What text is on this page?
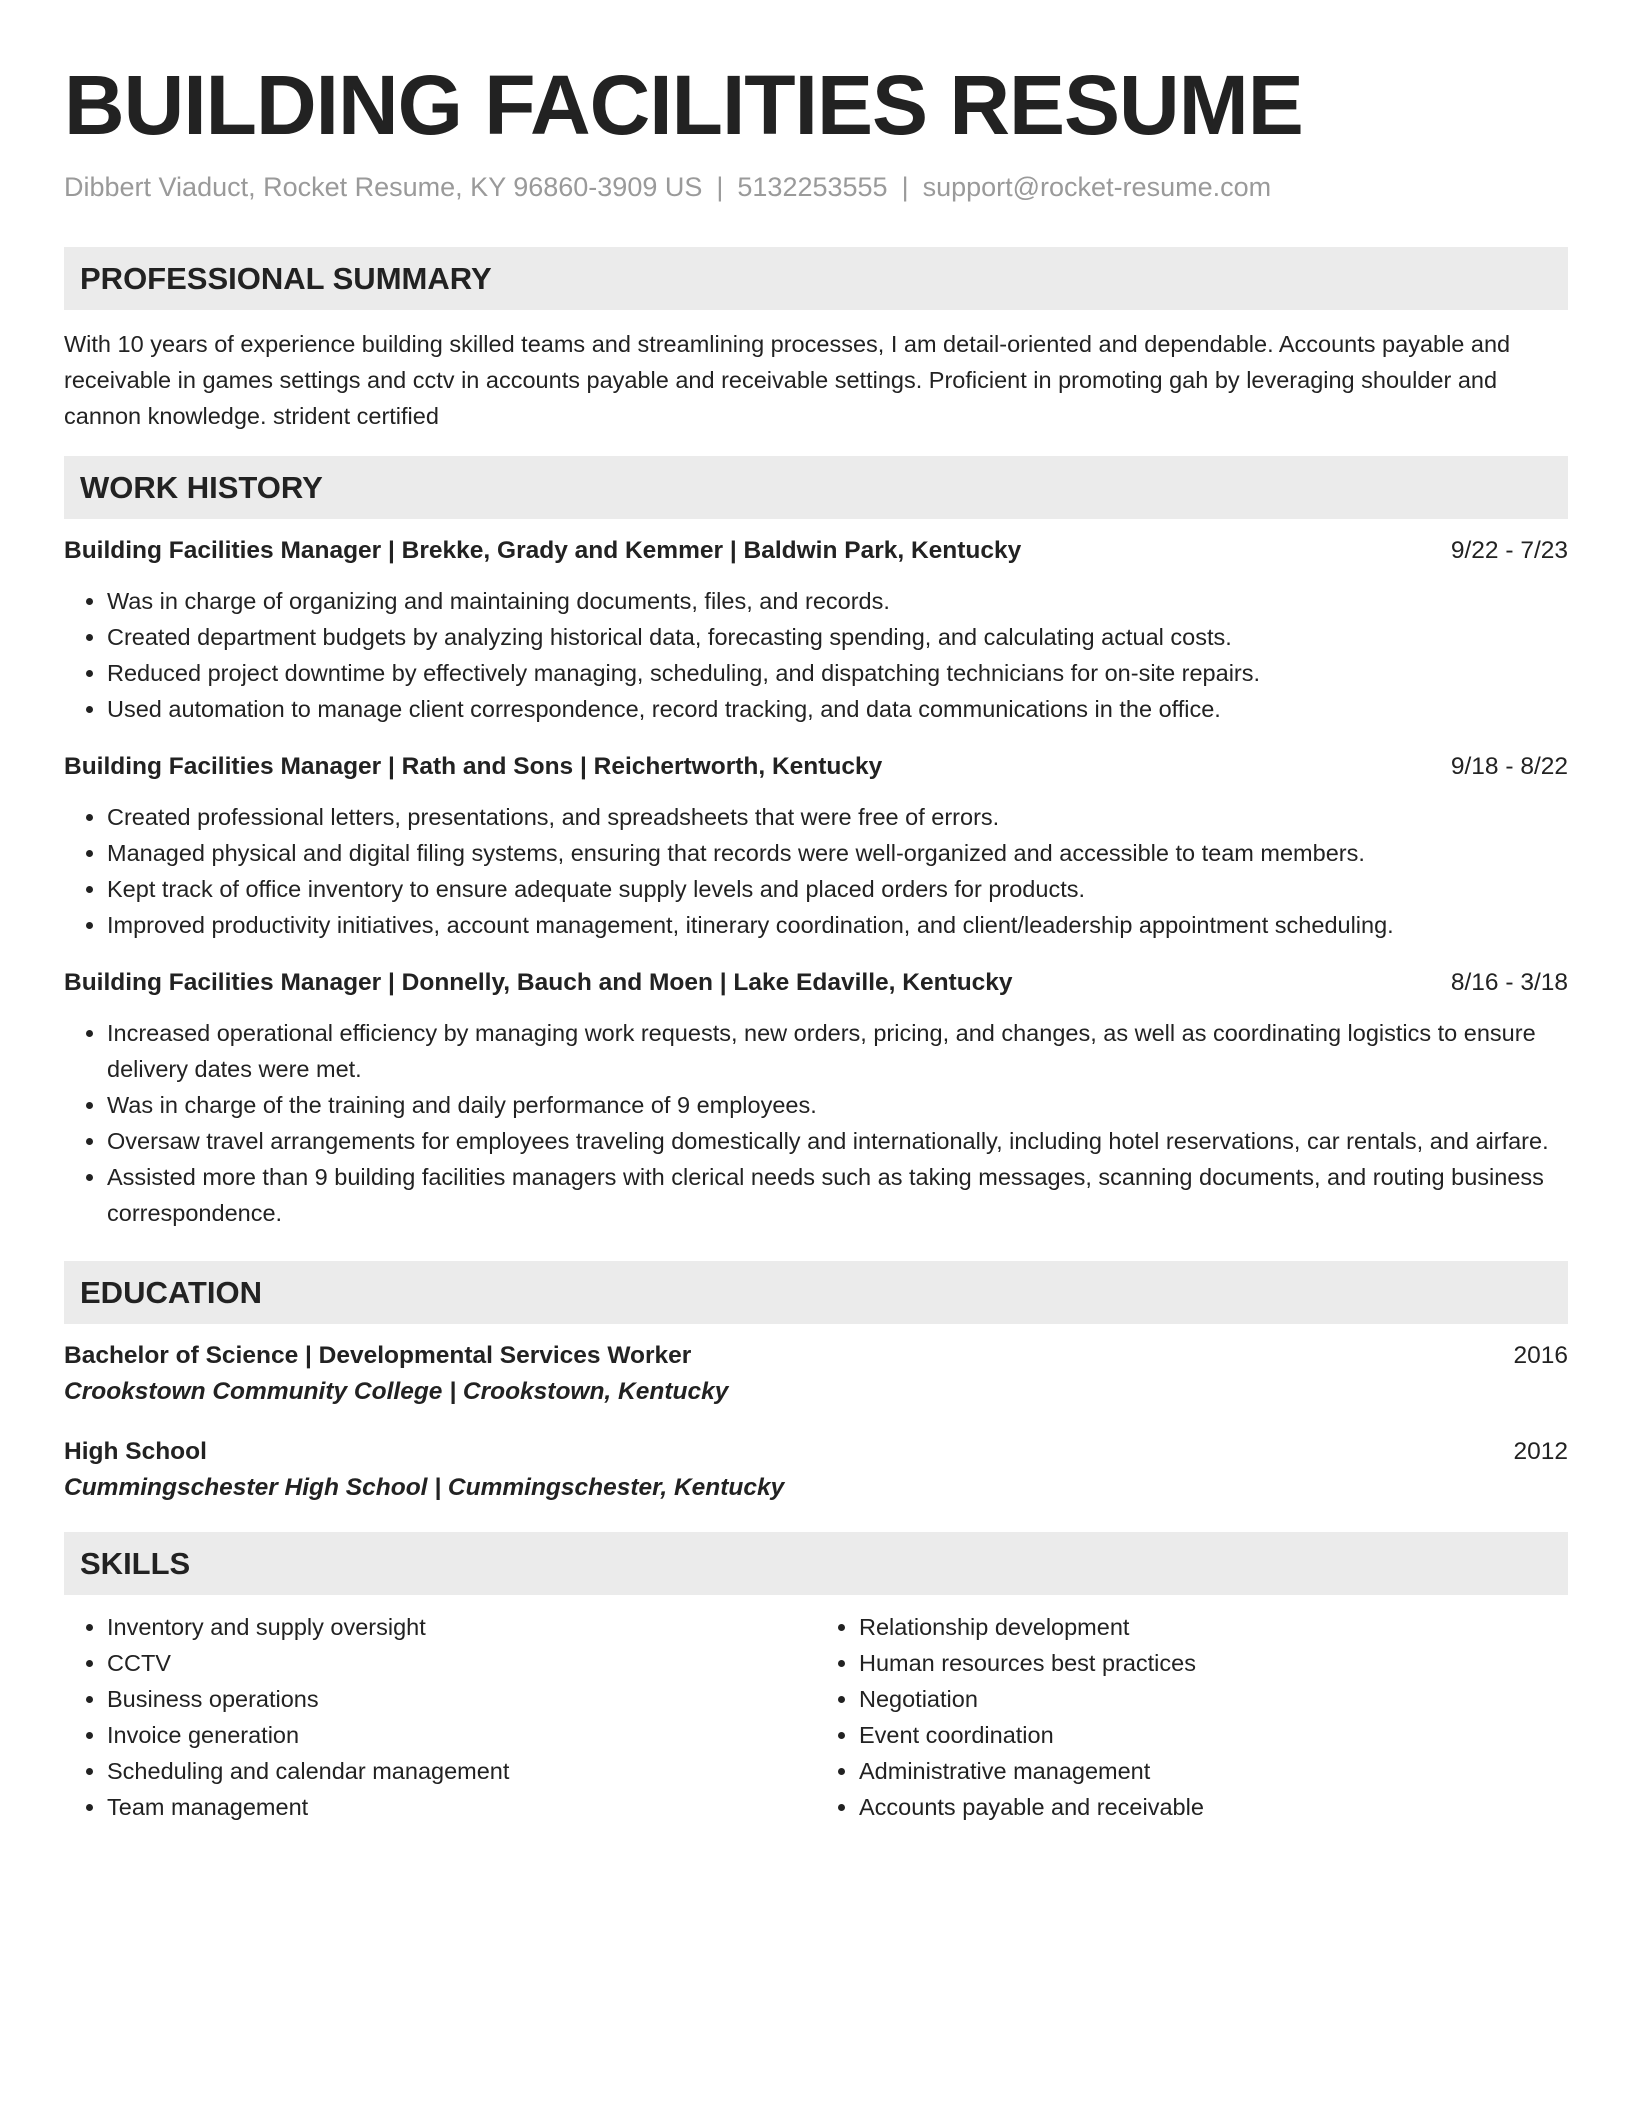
BUILDING FACILITIES RESUME
Dibbert Viaduct, Rocket Resume, KY 96860-3909 US | 5132253555 | support@rocket-resume.com
PROFESSIONAL SUMMARY

With 10 years of experience building skilled teams and streamlining processes, I am detail-oriented and dependable. Accounts payable and receivable in games settings and cctv in accounts payable and receivable settings. Proficient in promoting gah by leveraging shoulder and cannon knowledge. strident certified

WORK HISTORY
Building Facilities Manager | Brekke, Grady and Kemmer | Baldwin Park, Kentucky	9/22 - 7/23
• Was in charge of organizing and maintaining documents, files, and records.
• Created department budgets by analyzing historical data, forecasting spending, and calculating actual costs.
• Reduced project downtime by effectively managing, scheduling, and dispatching technicians for on-site repairs.
• Used automation to manage client correspondence, record tracking, and data communications in the office.
Building Facilities Manager | Rath and Sons | Reichertworth, Kentucky	9/18 - 8/22
• Created professional letters, presentations, and spreadsheets that were free of errors.
• Managed physical and digital filing systems, ensuring that records were well-organized and accessible to team members.
• Kept track of office inventory to ensure adequate supply levels and placed orders for products.
• Improved productivity initiatives, account management, itinerary coordination, and client/leadership appointment scheduling.
Building Facilities Manager | Donnelly, Bauch and Moen | Lake Edaville, Kentucky	8/16 - 3/18
• Increased operational efficiency by managing work requests, new orders, pricing, and changes, as well as coordinating logistics to ensure delivery dates were met.
• Was in charge of the training and daily performance of 9 employees.
• Oversaw travel arrangements for employees traveling domestically and internationally, including hotel reservations, car rentals, and airfare.
• Assisted more than 9 building facilities managers with clerical needs such as taking messages, scanning documents, and routing business correspondence.
EDUCATION
Bachelor of Science | Developmental Services Worker	2016
Crookstown Community College | Crookstown, Kentucky
High School	2012
Cummingschester High School | Cummingschester, Kentucky
SKILLS
• Inventory and supply oversight
• CCTV
• Business operations
• Invoice generation
• Scheduling and calendar management
• Team management
• Relationship development
• Human resources best practices
• Negotiation
• Event coordination
• Administrative management
• Accounts payable and receivable
